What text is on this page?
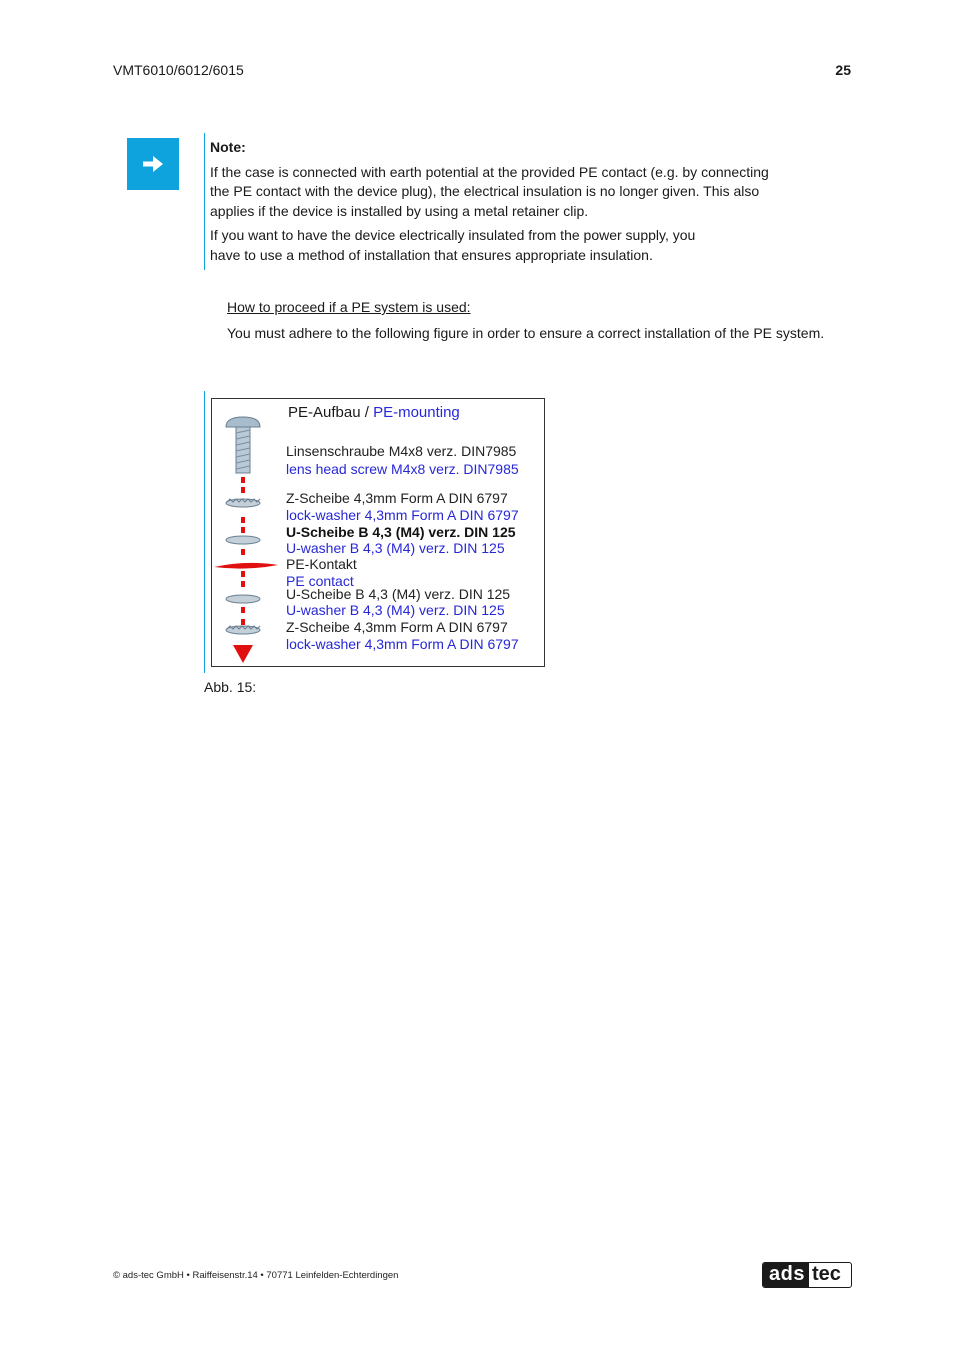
VMT6010/6012/6015	25
Note:

If the case is connected with earth potential at the provided PE contact (e.g. by connecting
the PE contact with the device plug), the electrical insulation is no longer given. This also
applies if the device is installed by using a metal retainer clip.

If you want to have the device electrically insulated from the power supply, you
have to use a method of installation that ensures appropriate insulation.

How to proceed if a PE system is used:

You must adhere to the following figure in order to ensure a correct installation of the PE system.

PE-Aufbau / PE-mounting
Linsenschraube M4x8 verz. DIN7985
lens head screw M4x8 verz. DIN7985
Z-Scheibe 4,3mm Form A DIN 6797
lock-washer 4,3mm Form A DIN 6797
U-Scheibe B 4,3 (M4) verz. DIN 125
U-washer B 4,3 (M4) verz. DIN 125
PE-Kontakt
PE contact
U-Scheibe B 4,3 (M4) verz. DIN 125
U-washer B 4,3 (M4) verz. DIN 125
Z-Scheibe 4,3mm Form A DIN 6797
lock-washer 4,3mm Form A DIN 6797
Abb. 15:
© ads-tec GmbH • Raiffeisenstr.14 • 70771 Leinfelden-Echterdingen	ads tec
